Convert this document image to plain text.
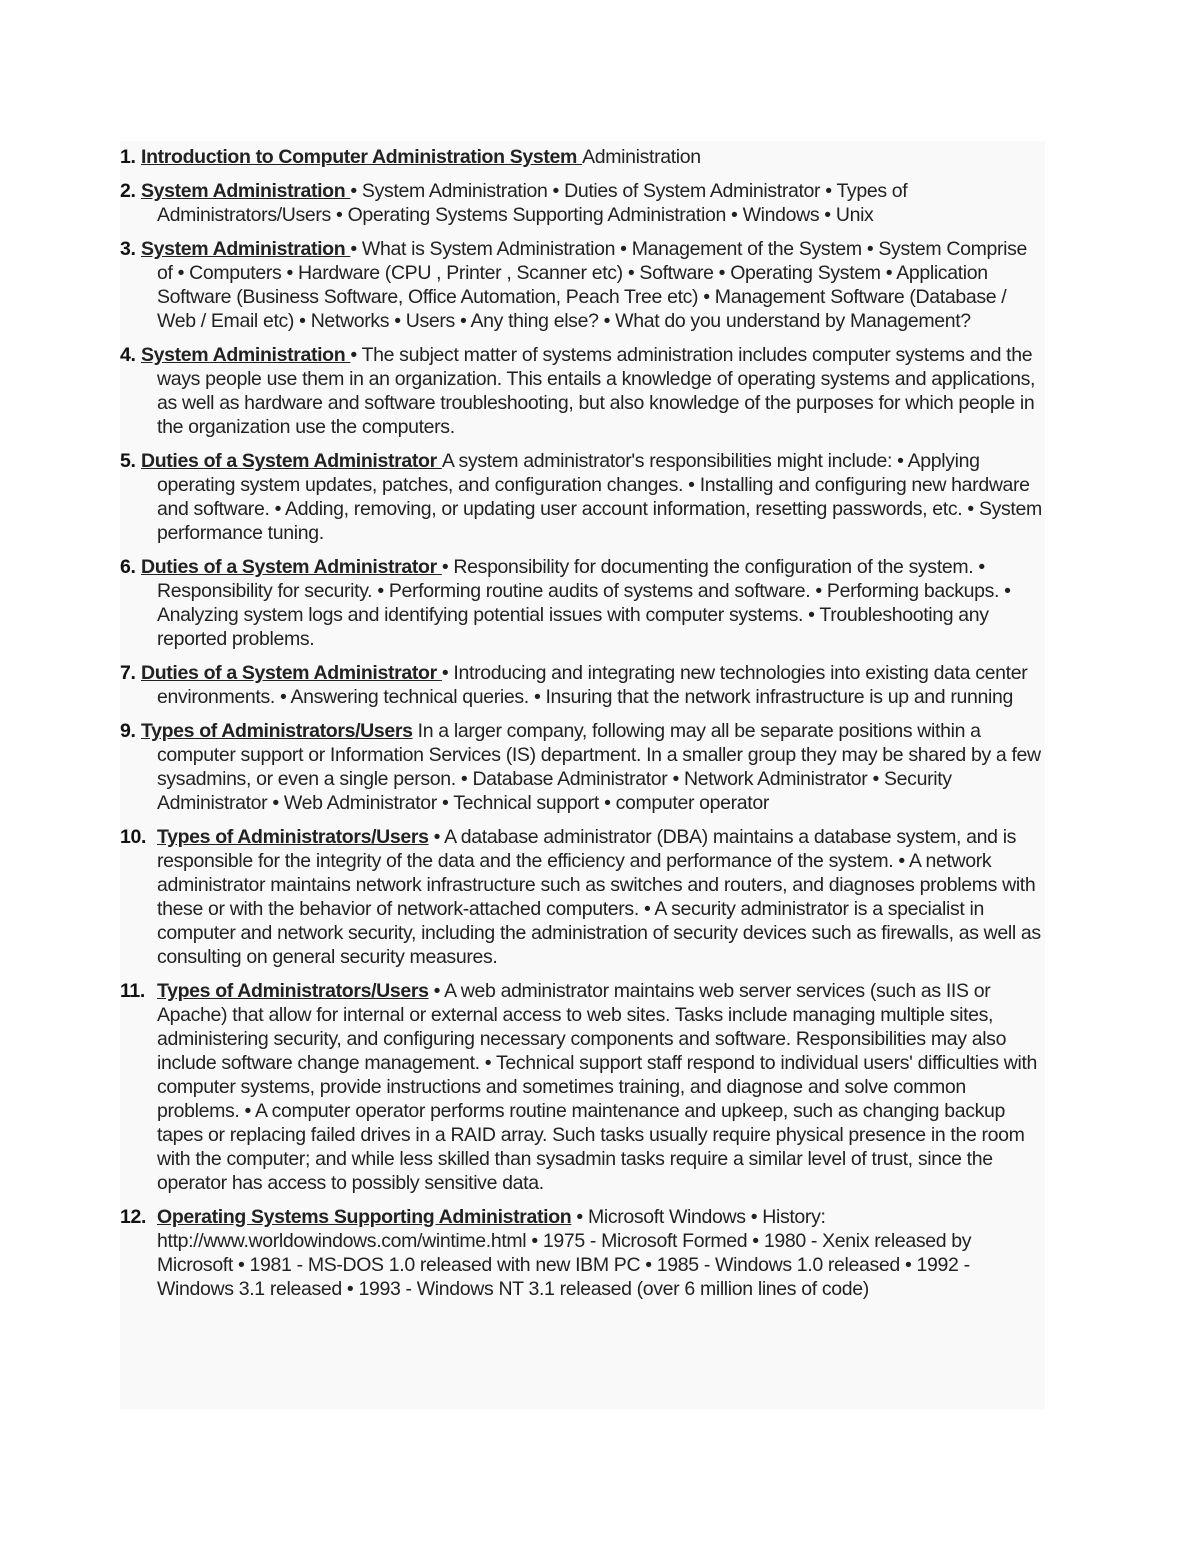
1. Introduction to Computer Administration System Administration
2. System Administration • System Administration • Duties of System Administrator • Types of Administrators/Users • Operating Systems Supporting Administration • Windows • Unix
3. System Administration • What is System Administration • Management of the System • System Comprise of • Computers • Hardware (CPU , Printer , Scanner etc) • Software • Operating System • Application Software (Business Software, Office Automation, Peach Tree etc) • Management Software (Database / Web / Email etc) • Networks • Users • Any thing else? • What do you understand by Management?
4. System Administration • The subject matter of systems administration includes computer systems and the ways people use them in an organization. This entails a knowledge of operating systems and applications, as well as hardware and software troubleshooting, but also knowledge of the purposes for which people in the organization use the computers.
5. Duties of a System Administrator A system administrator's responsibilities might include: • Applying operating system updates, patches, and configuration changes. • Installing and configuring new hardware and software. • Adding, removing, or updating user account information, resetting passwords, etc. • System performance tuning.
6. Duties of a System Administrator • Responsibility for documenting the configuration of the system. • Responsibility for security. • Performing routine audits of systems and software. • Performing backups. • Analyzing system logs and identifying potential issues with computer systems. • Troubleshooting any reported problems.
7. Duties of a System Administrator • Introducing and integrating new technologies into existing data center environments. • Answering technical queries. • Insuring that the network infrastructure is up and running
9. Types of Administrators/Users In a larger company, following may all be separate positions within a computer support or Information Services (IS) department. In a smaller group they may be shared by a few sysadmins, or even a single person. • Database Administrator • Network Administrator • Security Administrator • Web Administrator • Technical support • computer operator
10. Types of Administrators/Users • A database administrator (DBA) maintains a database system, and is responsible for the integrity of the data and the efficiency and performance of the system. • A network administrator maintains network infrastructure such as switches and routers, and diagnoses problems with these or with the behavior of network-attached computers. • A security administrator is a specialist in computer and network security, including the administration of security devices such as firewalls, as well as consulting on general security measures.
11. Types of Administrators/Users • A web administrator maintains web server services (such as IIS or Apache) that allow for internal or external access to web sites. Tasks include managing multiple sites, administering security, and configuring necessary components and software. Responsibilities may also include software change management. • Technical support staff respond to individual users' difficulties with computer systems, provide instructions and sometimes training, and diagnose and solve common problems. • A computer operator performs routine maintenance and upkeep, such as changing backup tapes or replacing failed drives in a RAID array. Such tasks usually require physical presence in the room with the computer; and while less skilled than sysadmin tasks require a similar level of trust, since the operator has access to possibly sensitive data.
12. Operating Systems Supporting Administration • Microsoft Windows • History: http://www.worldowindows.com/wintime.html • 1975 - Microsoft Formed • 1980 - Xenix released by Microsoft • 1981 - MS-DOS 1.0 released with new IBM PC • 1985 - Windows 1.0 released • 1992 - Windows 3.1 released • 1993 - Windows NT 3.1 released (over 6 million lines of code)
